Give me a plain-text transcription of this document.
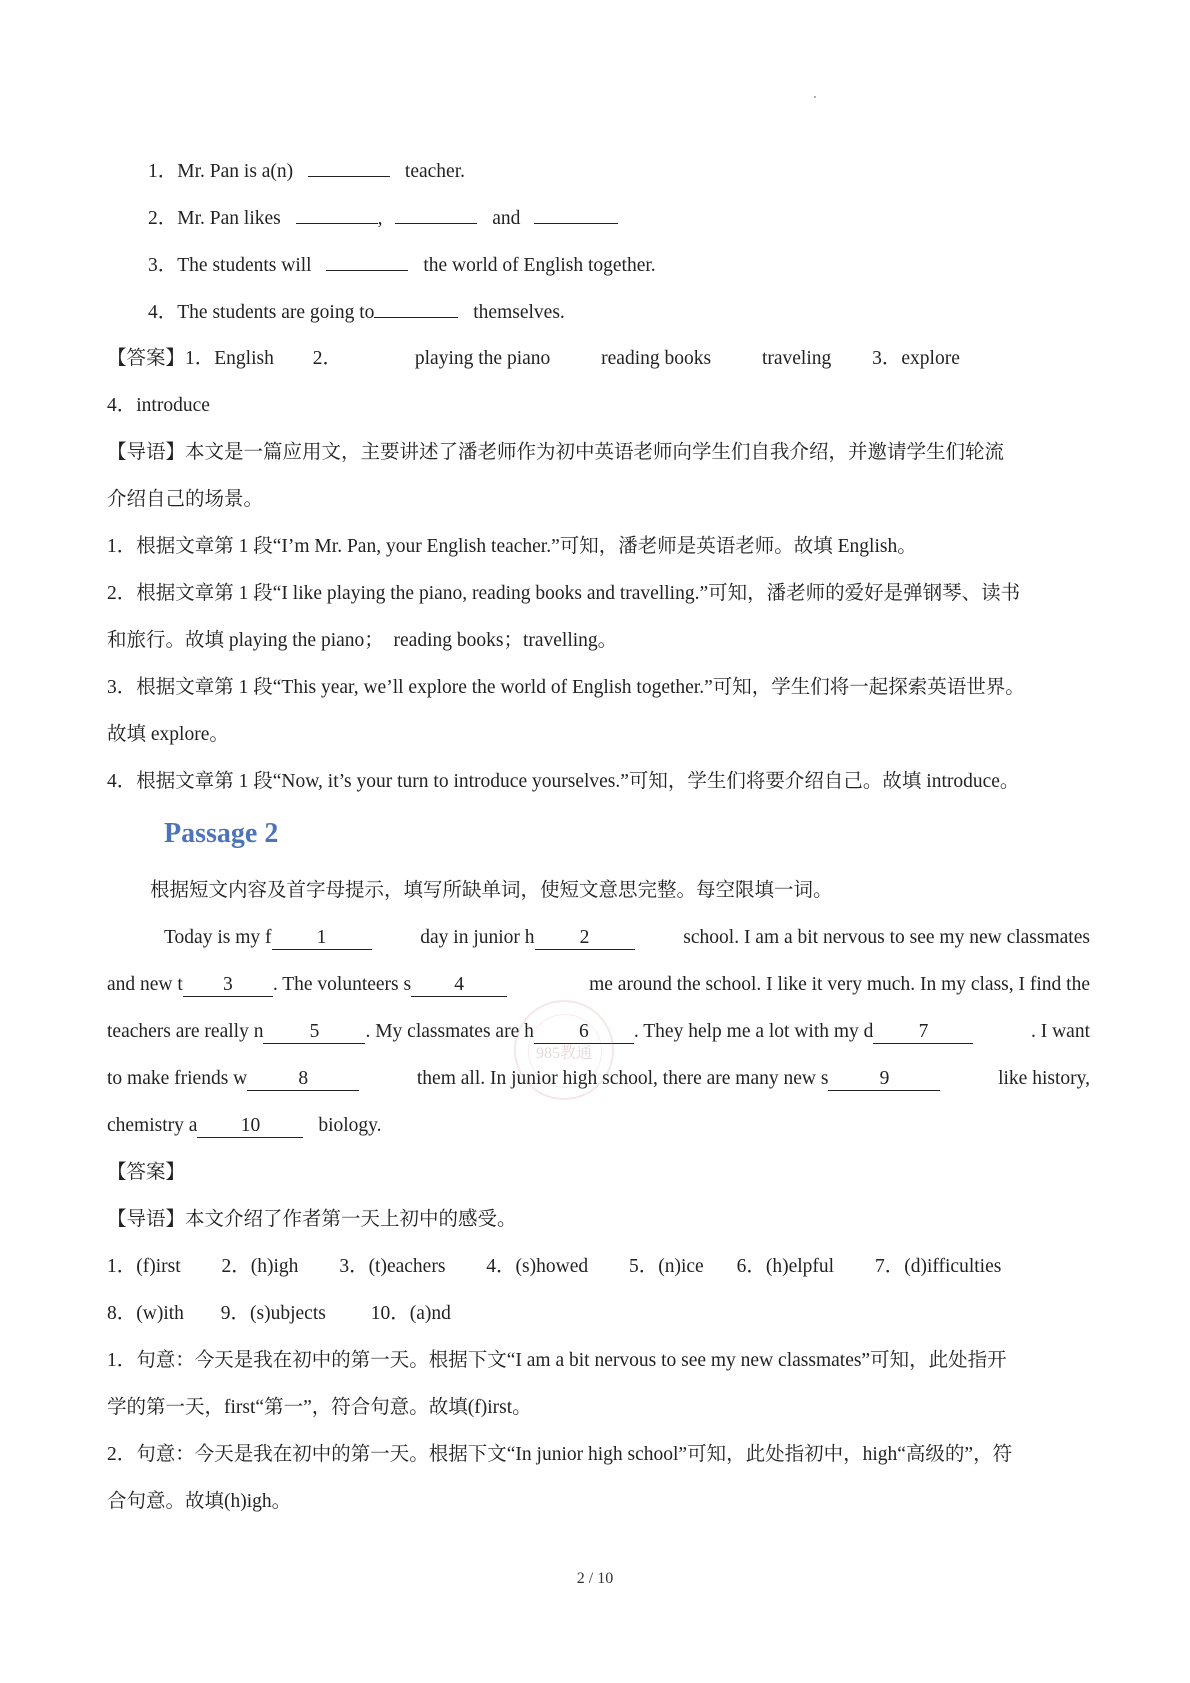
1．Mr. Pan is a(n)	teacher.
2．Mr. Pan likes	,	and
3．The students will	the world of English together.
4．The students are going to	themselves.
【答案】1．English 2．	playing the piano	reading books	traveling 3．explore
4．introduce
【导语】本文是一篇应用文，主要讲述了潘老师作为初中英语老师向学生们自我介绍，并邀请学生们轮流
介绍自己的场景。
1．根据文章第 1 段“I’m Mr. Pan, your English teacher.”可知，潘老师是英语老师。故填 English。
2．根据文章第 1 段“I like playing the piano, reading books and travelling.”可知，潘老师的爱好是弹钢琴、读书
和旅行。故填 playing the piano；　reading books；travelling。
3．根据文章第 1 段“This year, we’ll explore the world of English together.”可知，学生们将一起探索英语世界。
故填 explore。
4．根据文章第 1 段“Now, it’s your turn to introduce yourselves.”可知，学生们将要介绍自己。故填 introduce。
Passage 2
根据短文内容及首字母提示，填写所缺单词，使短文意思完整。每空限填一词。
Today is my f 1	day in junior h 2	school. I am a bit nervous to see my new classmates
and new t 3 . The volunteers s 4	me around the school. I like it very much. In my class, I find the
teachers are really n 5 . My classmates are h 6 . They help me a lot with my d 7	. I want
to make friends w	8	them all. In junior high school, there are many new s	9	like history,
chemistry a 10	biology.
【答案】
【导语】本文介绍了作者第一天上初中的感受。
1．(f)irst 2．(h)igh 3．(t)eachers 4．(s)howed 5．(n)ice 6．(h)elpful 7．(d)ifficulties
8．(w)ith 9．(s)ubjects 10．(a)nd
1．句意：今天是我在初中的第一天。根据下文“I am a bit nervous to see my new classmates”可知，此处指开
学的第一天，first“第一”，符合句意。故填(f)irst。
2．句意：今天是我在初中的第一天。根据下文“In junior high school”可知，此处指初中，high“高级的”，符
合句意。故填(h)igh。
985教通
2 / 10
